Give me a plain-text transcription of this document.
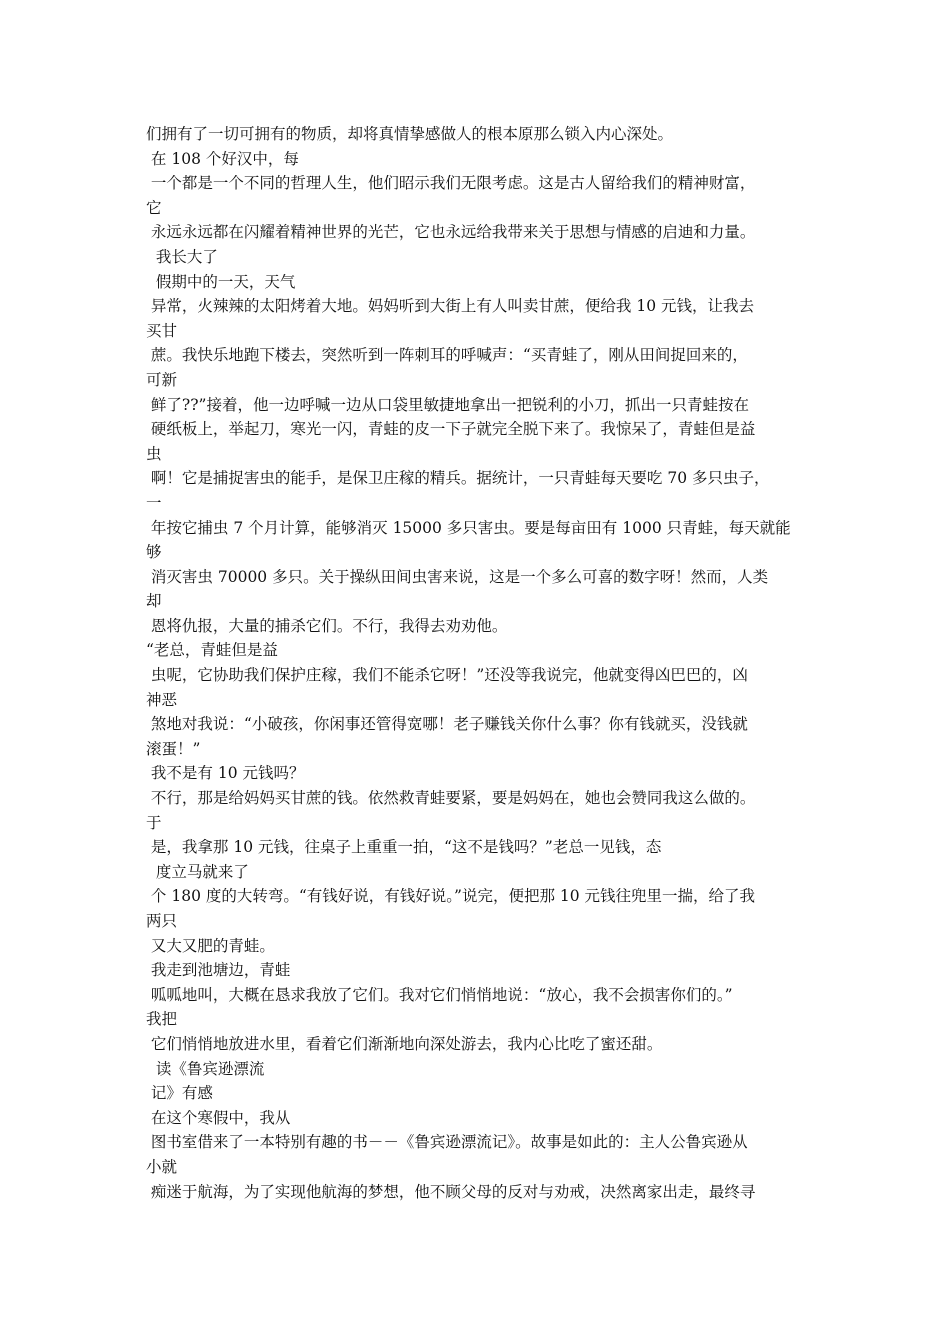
们拥有了一切可拥有的物质，却将真情挚感做人的根本原那么锁入内心深处。
在 108 个好汉中，每
一个都是一个不同的哲理人生，他们昭示我们无限考虑。这是古人留给我们的精神财富，
它
永远永远都在闪耀着精神世界的光芒，它也永远给我带来关于思想与情感的启迪和力量。
我长大了
假期中的一天，天气
异常，火辣辣的太阳烤着大地。妈妈听到大街上有人叫卖甘蔗，便给我 10 元钱，让我去
买甘
蔗。我快乐地跑下楼去，突然听到一阵刺耳的呼喊声：“买青蛙了，刚从田间捉回来的，
可新
鲜了??”接着，他一边呼喊一边从口袋里敏捷地拿出一把锐利的小刀，抓出一只青蛙按在
硬纸板上，举起刀，寒光一闪，青蛙的皮一下子就完全脱下来了。我惊呆了，青蛙但是益
虫
啊！它是捕捉害虫的能手，是保卫庄稼的精兵。据统计，一只青蛙每天要吃 70 多只虫子，
一
年按它捕虫 7 个月计算，能够消灭 15000 多只害虫。要是每亩田有 1000 只青蛙，每天就能
够
消灭害虫 70000 多只。关于操纵田间虫害来说，这是一个多么可喜的数字呀！然而，人类
却
恩将仇报，大量的捕杀它们。不行，我得去劝劝他。
“老总，青蛙但是益
虫呢，它协助我们保护庄稼，我们不能杀它呀！”还没等我说完，他就变得凶巴巴的，凶
神恶
煞地对我说：“小破孩，你闲事还管得宽哪！老子赚钱关你什么事？你有钱就买，没钱就
滚蛋！”
我不是有 10 元钱吗？
不行，那是给妈妈买甘蔗的钱。依然救青蛙要紧，要是妈妈在，她也会赞同我这么做的。
于
是，我拿那 10 元钱，往桌子上重重一拍，“这不是钱吗？”老总一见钱，态
度立马就来了
个 180 度的大转弯。“有钱好说，有钱好说。”说完，便把那 10 元钱往兜里一揣，给了我
两只
又大又肥的青蛙。
我走到池塘边，青蛙
呱呱地叫，大概在恳求我放了它们。我对它们悄悄地说：“放心，我不会损害你们的。”
我把
它们悄悄地放进水里，看着它们渐渐地向深处游去，我内心比吃了蜜还甜。
读《鲁宾逊漂流
记》有感
在这个寒假中，我从
图书室借来了一本特别有趣的书－－《鲁宾逊漂流记》。故事是如此的：主人公鲁宾逊从
小就
痴迷于航海，为了实现他航海的梦想，他不顾父母的反对与劝戒，决然离家出走，最终寻
